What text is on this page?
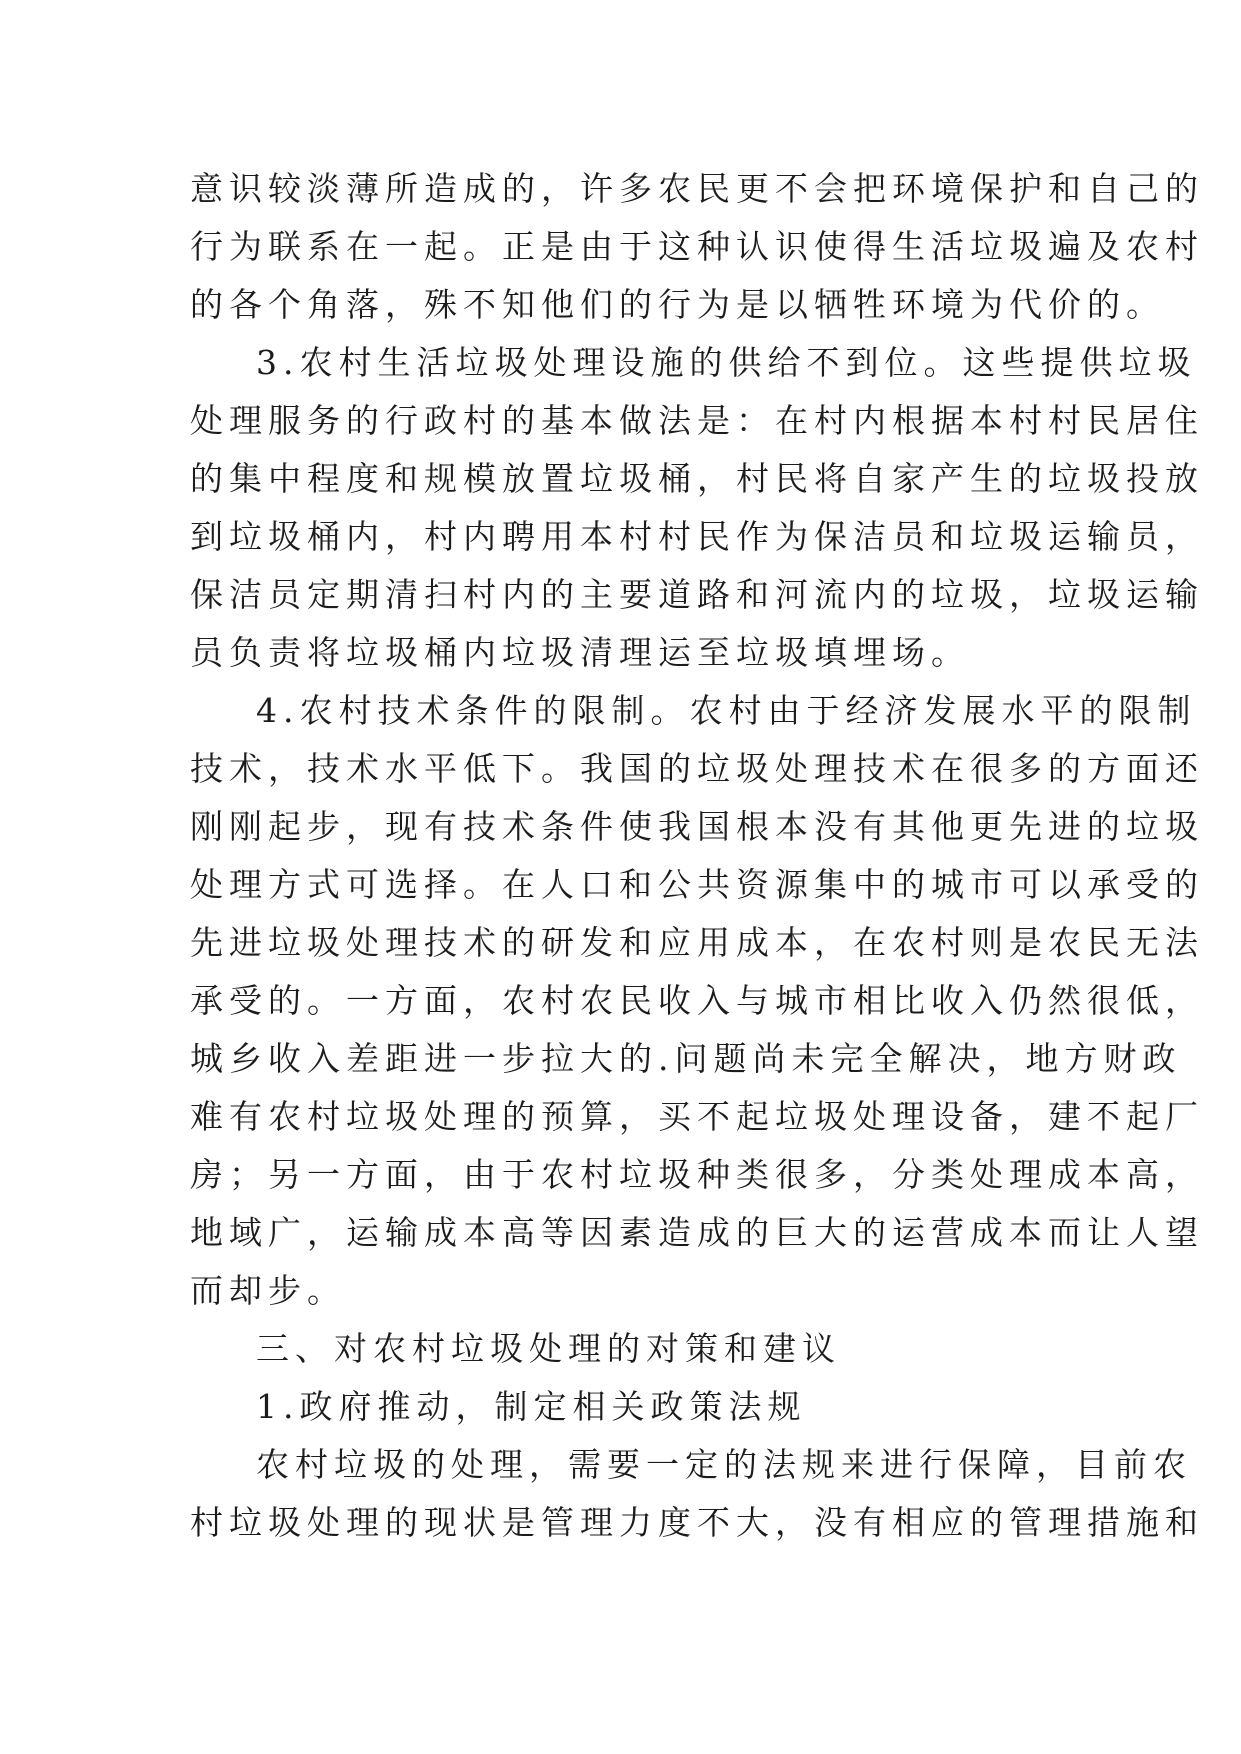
意识较淡薄所造成的，许多农民更不会把环境保护和自己的
行为联系在一起。正是由于这种认识使得生活垃圾遍及农村
的各个角落，殊不知他们的行为是以牺牲环境为代价的。
3.农村生活垃圾处理设施的供给不到位。这些提供垃圾
处理服务的行政村的基本做法是：在村内根据本村村民居住
的集中程度和规模放置垃圾桶，村民将自家产生的垃圾投放
到垃圾桶内，村内聘用本村村民作为保洁员和垃圾运输员，
保洁员定期清扫村内的主要道路和河流内的垃圾，垃圾运输
员负责将垃圾桶内垃圾清理运至垃圾填埋场。
4.农村技术条件的限制。农村由于经济发展水平的限制
技术，技术水平低下。我国的垃圾处理技术在很多的方面还
刚刚起步，现有技术条件使我国根本没有其他更先进的垃圾
处理方式可选择。在人口和公共资源集中的城市可以承受的
先进垃圾处理技术的研发和应用成本，在农村则是农民无法
承受的。一方面，农村农民收入与城市相比收入仍然很低，
城乡收入差距进一步拉大的.问题尚未完全解决，地方财政
难有农村垃圾处理的预算，买不起垃圾处理设备，建不起厂
房；另一方面，由于农村垃圾种类很多，分类处理成本高，
地域广，运输成本高等因素造成的巨大的运营成本而让人望
而却步。
三、对农村垃圾处理的对策和建议
1.政府推动，制定相关政策法规
农村垃圾的处理，需要一定的法规来进行保障，目前农
村垃圾处理的现状是管理力度不大，没有相应的管理措施和
